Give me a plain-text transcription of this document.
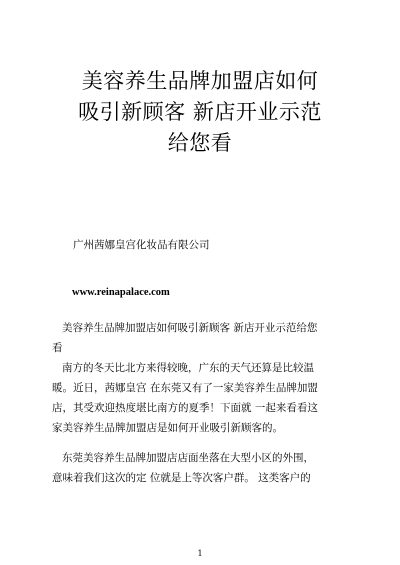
美容养生品牌加盟店如何
吸引新顾客 新店开业示范
给您看
广州茜娜皇宫化妆品有限公司
www.reinapalace.com
美容养生品牌加盟店如何吸引新顾客 新店开业示范给您
看
南方的冬天比北方来得较晚，广东的天气还算是比较温
暖。近日，茜娜皇宫 在东莞又有了一家美容养生品牌加盟
店，其受欢迎热度堪比南方的夏季！下面就 一起来看看这
家美容养生品牌加盟店是如何开业吸引新顾客的。
东莞美容养生品牌加盟店店面坐落在大型小区的外围，
意味着我们这次的定 位就是上等次客户群。 这类客户的
1
